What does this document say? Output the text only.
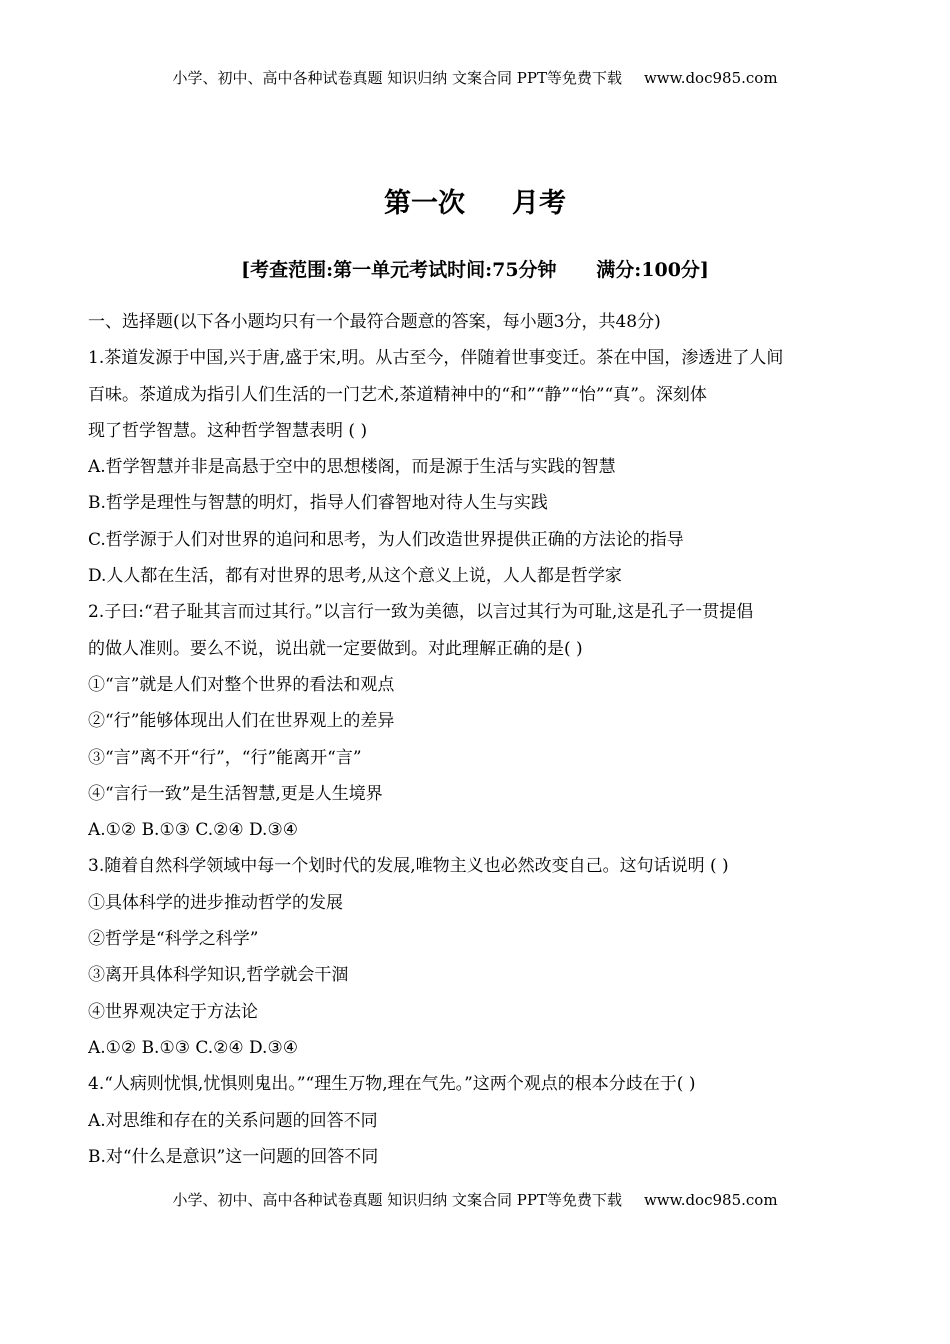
小学、初中、高中各种试卷真题 知识归纳 文案合同 PPT等免费下载 www.doc985.com
第一次     月考
[考查范围:第一单元考试时间:75分钟      满分:100分]
一、选择题(以下各小题均只有一个最符合题意的答案，每小题3分，共48分)
1.茶道发源于中国,兴于唐,盛于宋,明。从古至今，伴随着世事变迁。茶在中国，渗透进了人间
百味。茶道成为指引人们生活的一门艺术,茶道精神中的“和”“静”“怡”“真”。深刻体
现了哲学智慧。这种哲学智慧表明 ( )
A.哲学智慧并非是高悬于空中的思想楼阁，而是源于生活与实践的智慧
B.哲学是理性与智慧的明灯，指导人们睿智地对待人生与实践
C.哲学源于人们对世界的追问和思考，为人们改造世界提供正确的方法论的指导
D.人人都在生活，都有对世界的思考,从这个意义上说，人人都是哲学家
2.子曰:“君子耻其言而过其行。”以言行一致为美德，以言过其行为可耻,这是孔子一贯提倡
的做人准则。要么不说，说出就一定要做到。对此理解正确的是( )
①“言”就是人们对整个世界的看法和观点
②“行”能够体现出人们在世界观上的差异
③“言”离不开“行”，“行”能离开“言”
④“言行一致”是生活智慧,更是人生境界
A.①② B.①③ C.②④ D.③④
3.随着自然科学领域中每一个划时代的发展,唯物主义也必然改变自己。这句话说明 ( )
①具体科学的进步推动哲学的发展
②哲学是“科学之科学”
③离开具体科学知识,哲学就会干涸
④世界观决定于方法论
A.①② B.①③ C.②④ D.③④
4.“人病则忧惧,忧惧则鬼出。”“理生万物,理在气先。”这两个观点的根本分歧在于( )
A.对思维和存在的关系问题的回答不同
B.对“什么是意识”这一问题的回答不同
小学、初中、高中各种试卷真题 知识归纳 文案合同 PPT等免费下载 www.doc985.com
